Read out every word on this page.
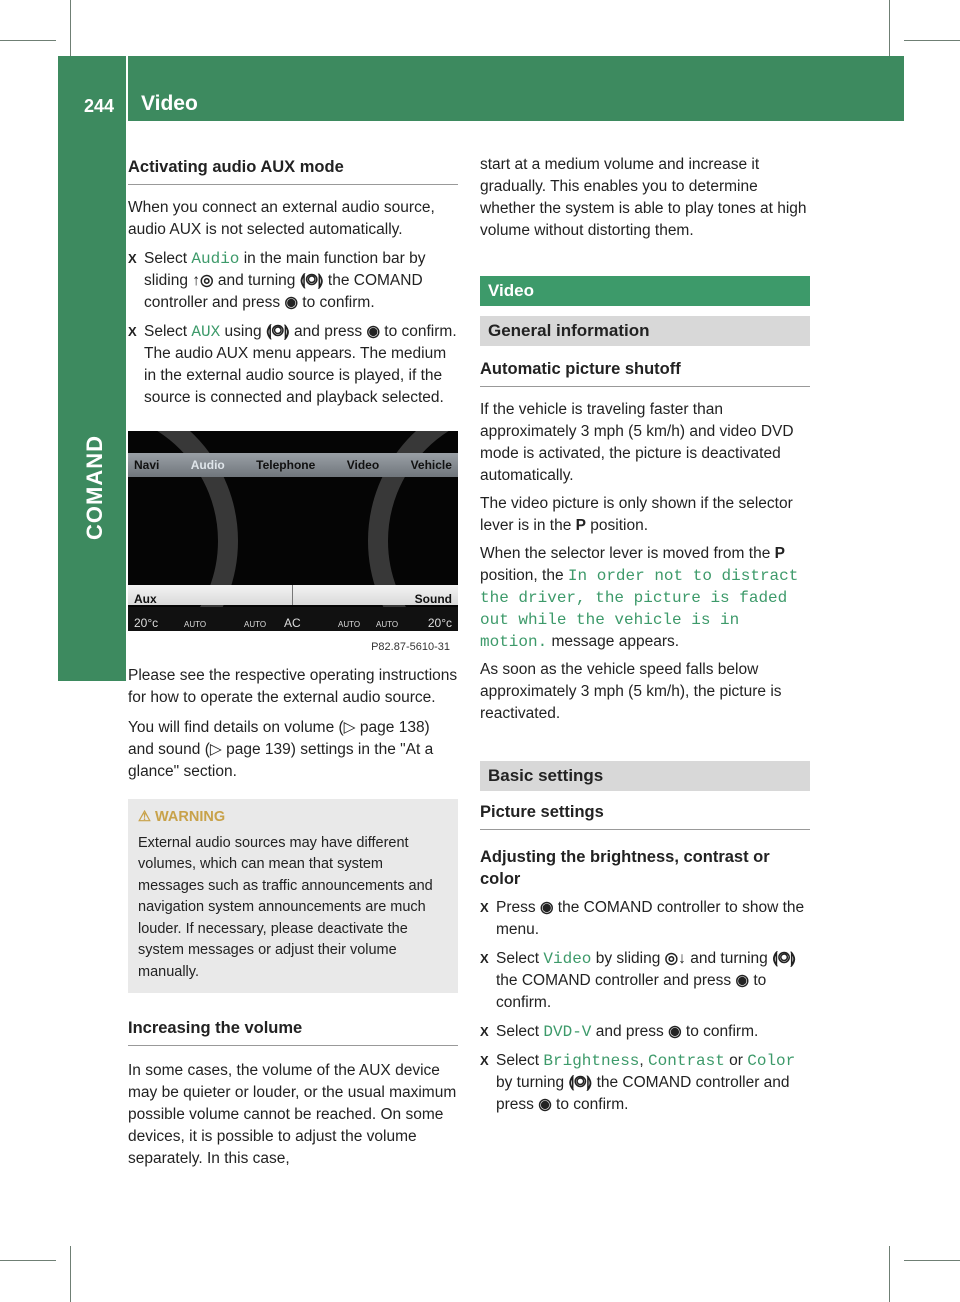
244 Video
Activating audio AUX mode

When you connect an external audio source, audio AUX is not selected automatically.

X Select Audio in the main function bar by sliding ↑◎ and turning ⟬◎⟭ the COMAND controller and press ◉ to confirm.
X Select AUX using ⟬◎⟭ and press ◉ to confirm.
The audio AUX menu appears. The medium in the external audio source is played, if the source is connected and playback selected.
Navi	Audio	Telephone	Video	Vehicle
Aux	Sound
20°c	AUTO	AUTO AC	AUTO AUTO 20°c
P82.87-5610-31

Please see the respective operating instructions for how to operate the external audio source.

You will find details on volume (▷ page 138) and sound (▷ page 139) settings in the "At a glance" section.

⚠ WARNING
External audio sources may have different volumes, which can mean that system messages such as traffic announcements and navigation system announcements are much louder. If necessary, please deactivate the system messages or adjust their volume manually.
Increasing the volume

In some cases, the volume of the AUX device may be quieter or louder, or the usual maximum possible volume cannot be reached. On some devices, it is possible to adjust the volume separately. In this case,

start at a medium volume and increase it gradually. This enables you to determine whether the system is able to play tones at high volume without distorting them.

Video
General information
Automatic picture shutoff

If the vehicle is traveling faster than approximately 3 mph (5 km/h) and video DVD mode is activated, the picture is deactivated automatically.

The video picture is only shown if the selector lever is in the P position.

When the selector lever is moved from the P position, the In order not to distract the driver, the picture is faded out while the vehicle is in motion. message appears.

As soon as the vehicle speed falls below approximately 3 mph (5 km/h), the picture is reactivated.

Basic settings
Picture settings
Adjusting the brightness, contrast or color
X Press ◉ the COMAND controller to show the menu.
X Select Video by sliding ◎↓ and turning ⟬◎⟭ the COMAND controller and press ◉ to confirm.
X Select DVD-V and press ◉ to confirm.
X Select Brightness, Contrast or Color by turning ⟬◎⟭ the COMAND controller and press ◉ to confirm.
